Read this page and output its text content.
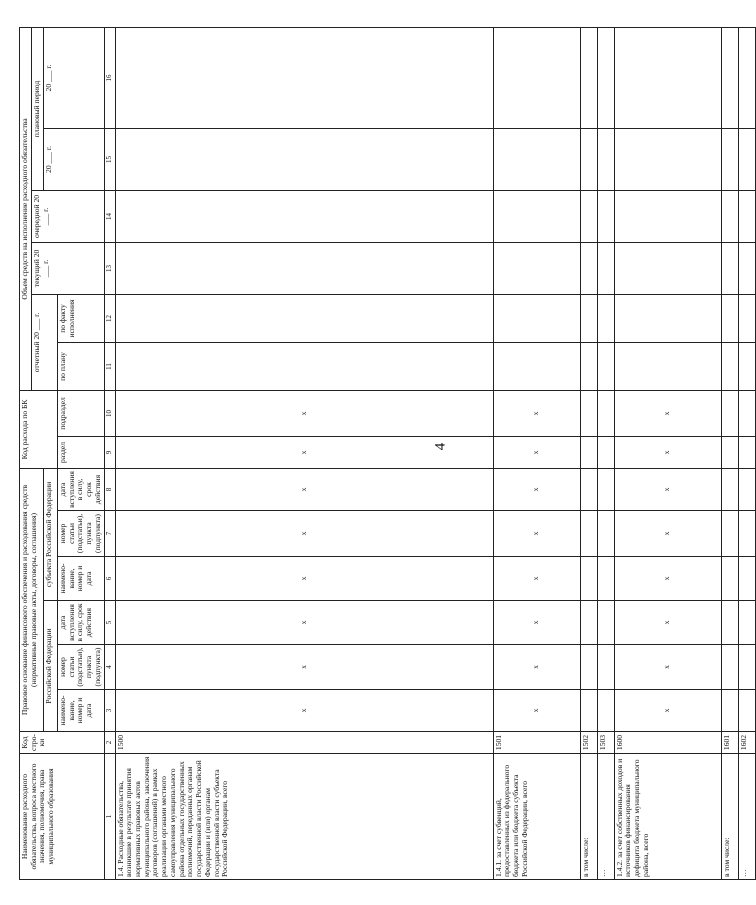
4
Наименование расходного обязательства, вопроса местного значения, полномочия, права муниципального образования	Код стро-ки	Правовое основание финансового обеспечения и расходования средств (нормативные правовые акты, договоры, соглашения)						Код расхода по БК		Объем средств на исполнение расходного обязательства					
										отчетный 20 ___ г.		текущий 20 ___ г.	очередной 20 ___ г.	плановый период	
		Российской Федерации			субъекта Российской Федерации									20 ___ г.	20 ___ г.
		наимено-вание, номер и дата	номер статьи (подстатьи), пункта (подпункта)	дата вступления в силу, срок действия	наимено-вание, номер и дата	номер статьи (подстатьи), пункта (подпункта)	дата вступления в силу, срок действия	раздел	подраздел	по плану	по факту исполнения				
1	2	3	4	5	6	7	8	9	10	11	12	13	14	15	16
1.4. Расходные обязательства, возникшие в результате принятия нормативных правовых актов муниципального района, заключения договоров (соглашений) в рамках реализации органами местного самоуправления муниципального района отдельных государственных полномочий, переданных органам государственной власти Российской Федерации и (или) органам государственной власти субъекта Российской Федерации, всего	1500	x	x	x	x	x	x	x	x						
1.4.1. за счет субвенций, предоставленных из федерального бюджета или бюджета субъекта Российской Федерации, всего	1501	x	x	x	x	x	x	x	x						
в том числе:	1502														
…	1503														
1.4.2. за счет собственных доходов и источников финансирования дефицита бюджета муниципального района, всего	1600	x	x	x	x	x	x	x	x						
в том числе:	1601														
…	1602														
